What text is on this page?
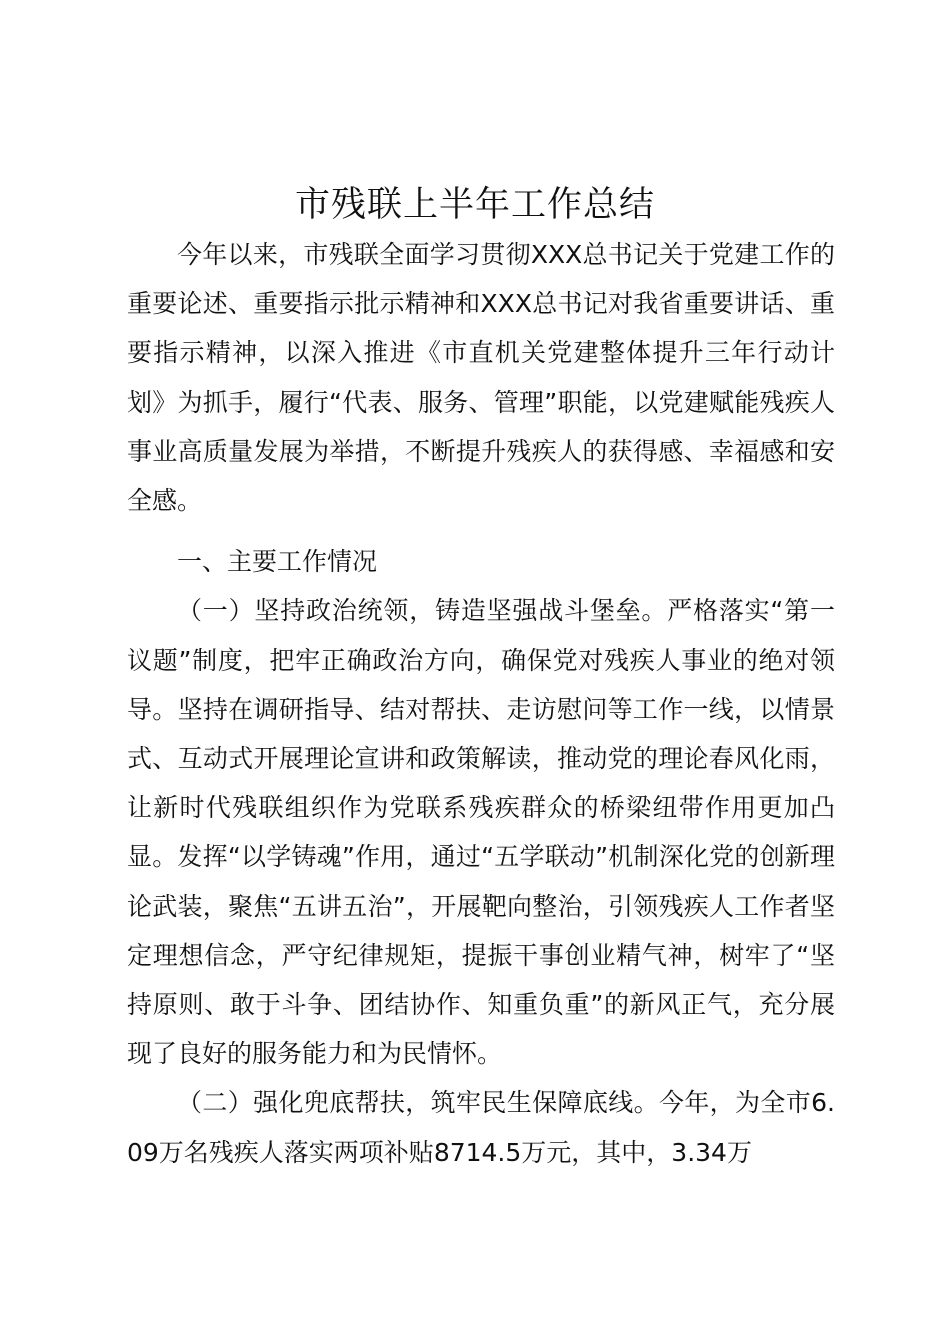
市残联上半年工作总结

今年以来，市残联全面学习贯彻XXX总书记关于党建工作的重要论述、重要指示批示精神和XXX总书记对我省重要讲话、重要指示精神，以深入推进《市直机关党建整体提升三年行动计划》为抓手，履行“代表、服务、管理”职能，以党建赋能残疾人事业高质量发展为举措，不断提升残疾人的获得感、幸福感和安全感。

一、主要工作情况

（一）坚持政治统领，铸造坚强战斗堡垒。严格落实“第一议题”制度，把牢正确政治方向，确保党对残疾人事业的绝对领导。坚持在调研指导、结对帮扶、走访慰问等工作一线，以情景式、互动式开展理论宣讲和政策解读，推动党的理论春风化雨，让新时代残联组织作为党联系残疾群众的桥梁纽带作用更加凸显。发挥“以学铸魂”作用，通过“五学联动”机制深化党的创新理论武装，聚焦“五讲五治”，开展靶向整治，引领残疾人工作者坚定理想信念，严守纪律规矩，提振干事创业精气神，树牢了“坚持原则、敢于斗争、团结协作、知重负重”的新风正气，充分展现了良好的服务能力和为民情怀。

（二）强化兜底帮扶，筑牢民生保障底线。今年，为全市6.09万名残疾人落实两项补贴8714.5万元，其中，3.34万
